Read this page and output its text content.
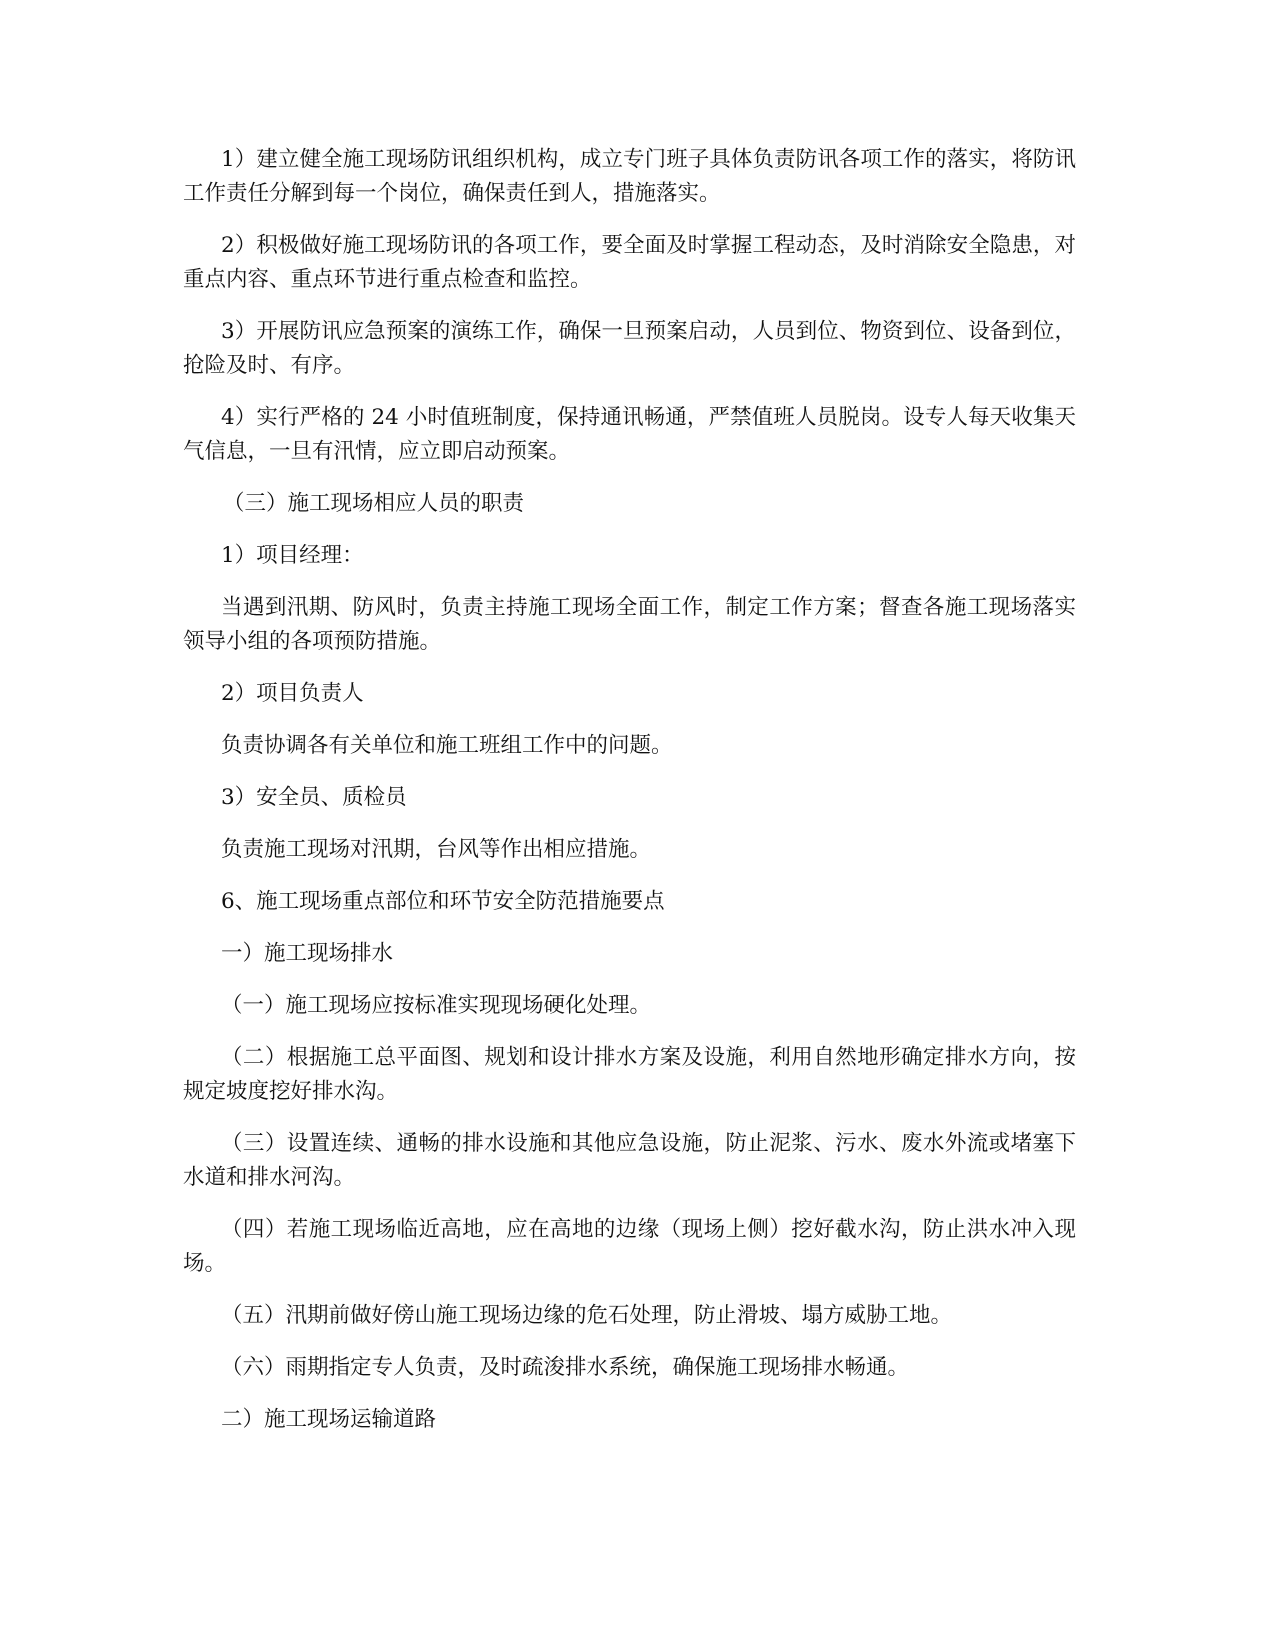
1）建立健全施工现场防讯组织机构，成立专门班子具体负责防讯各项工作的落实，将防讯工作责任分解到每一个岗位，确保责任到人，措施落实。

2）积极做好施工现场防讯的各项工作，要全面及时掌握工程动态，及时消除安全隐患，对重点内容、重点环节进行重点检查和监控。

3）开展防讯应急预案的演练工作，确保一旦预案启动，人员到位、物资到位、设备到位，抢险及时、有序。

4）实行严格的 24 小时值班制度，保持通讯畅通，严禁值班人员脱岗。设专人每天收集天气信息，一旦有汛情，应立即启动预案。

（三）施工现场相应人员的职责

1）项目经理：

当遇到汛期、防风时，负责主持施工现场全面工作，制定工作方案；督查各施工现场落实领导小组的各项预防措施。

2）项目负责人

负责协调各有关单位和施工班组工作中的问题。

3）安全员、质检员

负责施工现场对汛期，台风等作出相应措施。

6、施工现场重点部位和环节安全防范措施要点

一）施工现场排水

（一）施工现场应按标准实现现场硬化处理。

（二）根据施工总平面图、规划和设计排水方案及设施，利用自然地形确定排水方向，按规定坡度挖好排水沟。

（三）设置连续、通畅的排水设施和其他应急设施，防止泥浆、污水、废水外流或堵塞下水道和排水河沟。

（四）若施工现场临近高地，应在高地的边缘（现场上侧）挖好截水沟，防止洪水冲入现场。

（五）汛期前做好傍山施工现场边缘的危石处理，防止滑坡、塌方威胁工地。

（六）雨期指定专人负责，及时疏浚排水系统，确保施工现场排水畅通。

二）施工现场运输道路
